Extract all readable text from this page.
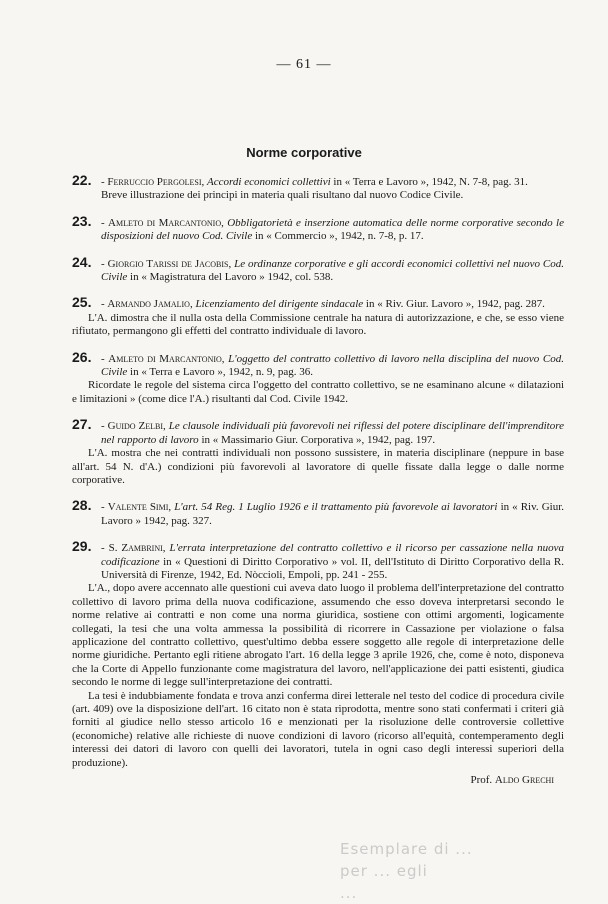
— 61 —
Norme corporative
22. - Ferruccio Pergolesi, Accordi economici collettivi in « Terra e Lavoro », 1942, N. 7-8, pag. 31.
Breve illustrazione dei principi in materia quali risultano dal nuovo Codice Civile.
23. - Amleto di Marcantonio, Obbligatorietà e inserzione automatica delle norme corporative secondo le disposizioni del nuovo Cod. Civile in « Commercio », 1942, n. 7-8, p. 17.
24. - Giorgio Tarissi de Jacobis, Le ordinanze corporative e gli accordi economici collettivi nel nuovo Cod. Civile in « Magistratura del Lavoro » 1942, col. 538.
25. - Armando Jamalio, Licenziamento del dirigente sindacale in « Riv. Giur. Lavoro », 1942, pag. 287.
L'A. dimostra che il nulla osta della Commissione centrale ha natura di autorizzazione, e che, se esso viene rifiutato, permangono gli effetti del contratto individuale di lavoro.
26. - Amleto di Marcantonio, L'oggetto del contratto collettivo di lavoro nella disciplina del nuovo Cod. Civile in « Terra e Lavoro », 1942, n. 9, pag. 36.
Ricordate le regole del sistema circa l'oggetto del contratto collettivo, se ne esaminano alcune « dilatazioni e limitazioni » (come dice l'A.) risultanti dal Cod. Civile 1942.
27. - Guido Zelbi, Le clausole individuali più favorevoli nei riflessi del potere disciplinare dell'imprenditore nel rapporto di lavoro in « Massimario Giur. Corporativa », 1942, pag. 197.
L'A. mostra che nei contratti individuali non possono sussistere, in materia disciplinare (neppure in base all'art. 54 N. d'A.) condizioni più favorevoli al lavoratore di quelle fissate dalla legge o dalle norme corporative.
28. - Valente Simi, L'art. 54 Reg. 1 Luglio 1926 e il trattamento più favorevole ai lavoratori in « Riv. Giur. Lavoro » 1942, pag. 327.
29. - S. Zambrini, L'errata interpretazione del contratto collettivo e il ricorso per cassazione nella nuova codificazione in « Questioni di Diritto Corporativo » vol. II, dell'Istituto di Diritto Corporativo della R. Università di Firenze, 1942, Ed. Nòccioli, Empoli, pp. 241 - 255.
L'A., dopo avere accennato alle questioni cui aveva dato luogo il problema dell'interpretazione del contratto collettivo di lavoro prima della nuova codificazione, assumendo che esso doveva interpretarsi secondo le norme relative ai contratti e non come una norma giuridica, sostiene con ottimi argomenti, logicamente collegati, la tesi che una volta ammessa la possibilità di ricorrere in Cassazione per violazione o falsa applicazione del contratto collettivo, quest'ultimo debba essere soggetto alle regole di interpretazione delle norme giuridiche. Pertanto egli ritiene abrogato l'art. 16 della legge 3 aprile 1926, che, come è noto, disponeva che la Corte di Appello funzionante come magistratura del lavoro, nell'applicazione dei patti esistenti, giudica secondo le norme di legge sull'interpretazione dei contratti.
La tesi è indubbiamente fondata e trova anzi conferma direi letterale nel testo del codice di procedura civile (art. 409) ove la disposizione dell'art. 16 citato non è stata riprodotta, mentre sono stati confermati i criteri già forniti al giudice nello stesso articolo 16 e menzionati per la risoluzione delle controversie collettive (economiche) relative alle richieste di nuove condizioni di lavoro (ricorso all'equità, contemperamento degli interessi dei datori di lavoro con quelli dei lavoratori, tutela in ogni caso degli interessi superiori della produzione).
Prof. Aldo Grechi
Esemplare di ...
per ... egli
...
